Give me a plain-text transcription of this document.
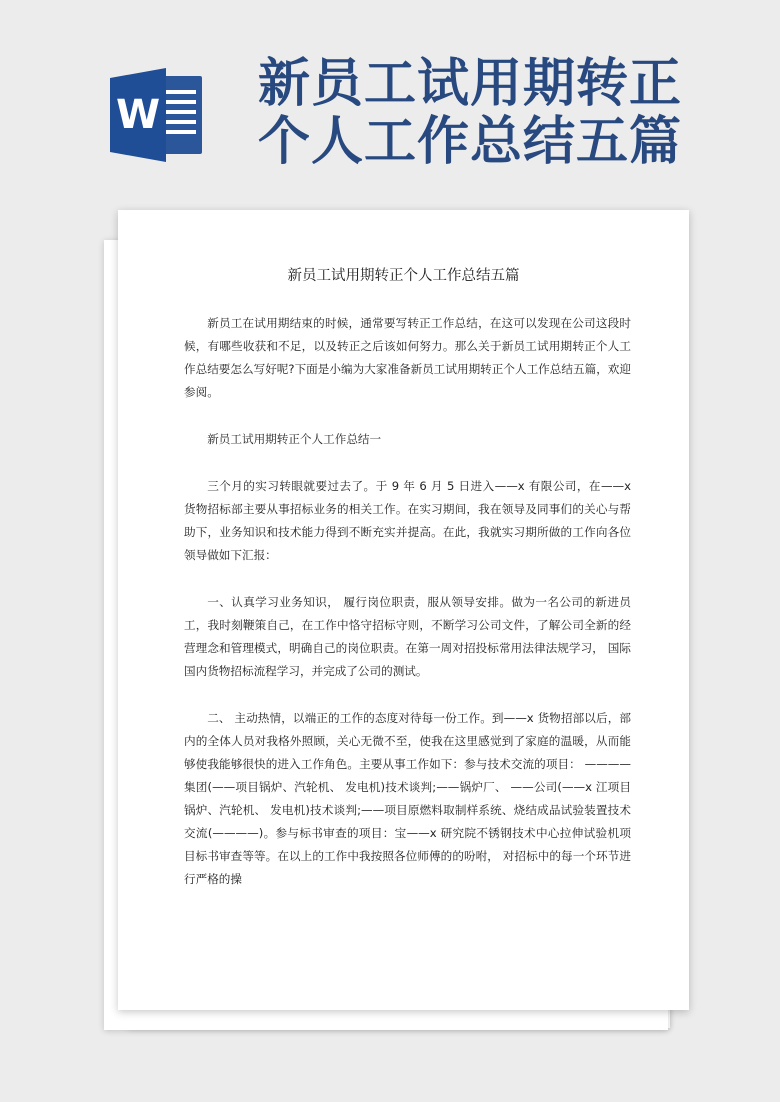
W
新员工试用期转正
个人工作总结五篇
新员工试用期转正个人工作总结五篇

新员工在试用期结束的时候，通常要写转正工作总结，在这可以发现在公司这段时候，有哪些收获和不足，以及转正之后该如何努力。那么关于新员工试用期转正个人工作总结要怎么写好呢?下面是小编为大家准备新员工试用期转正个人工作总结五篇，欢迎参阅。

新员工试用期转正个人工作总结一

三个月的实习转眼就要过去了。于 9 年 6 月 5 日进入——x 有限公司，在——x 货物招标部主要从事招标业务的相关工作。在实习期间，我在领导及同事们的关心与帮助下，业务知识和技术能力得到不断充实并提高。在此，我就实习期所做的工作向各位领导做如下汇报：

一、认真学习业务知识， 履行岗位职责，服从领导安排。做为一名公司的新进员工，我时刻鞭策自己，在工作中恪守招标守则，不断学习公司文件，了解公司全新的经营理念和管理模式，明确自己的岗位职责。在第一周对招投标常用法律法规学习， 国际国内货物招标流程学习，并完成了公司的测试。

二、 主动热情，以端正的工作的态度对待每一份工作。到——x 货物招部以后，部内的全体人员对我格外照顾，关心无微不至，使我在这里感觉到了家庭的温暖，从而能够使我能够很快的进入工作角色。主要从事工作如下：参与技术交流的项目： ————集团(——项目锅炉、汽轮机、 发电机)技术谈判;——锅炉厂、 ——公司(——x 江项目锅炉、汽轮机、 发电机)技术谈判;——项目原燃料取制样系统、烧结成品试验装置技术交流(————)。参与标书审查的项目：宝——x 研究院不锈钢技术中心拉伸试验机项目标书审查等等。在以上的工作中我按照各位师傅的的吩咐， 对招标中的每一个环节进行严格的操
